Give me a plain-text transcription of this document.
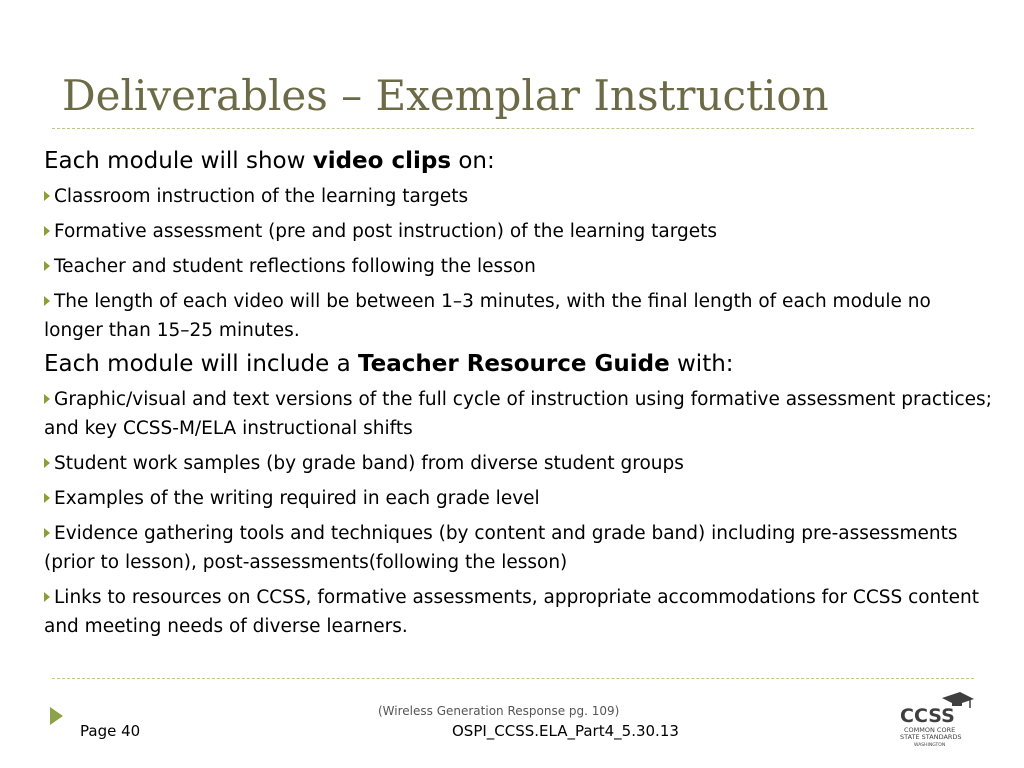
Deliverables – Exemplar Instruction

Each module will show video clips on:

Classroom instruction of the learning targets

Formative assessment (pre and post instruction) of the learning targets

Teacher and student reflections following the lesson

The length of each video will be between 1–3 minutes, with the final length of each module no longer than 15–25 minutes.

Each module will include a Teacher Resource Guide with:

Graphic/visual and text versions of the full cycle of instruction using formative assessment practices; and key CCSS-M/ELA instructional shifts

Student work samples (by grade band) from diverse student groups

Examples of the writing required in each grade level

Evidence gathering tools and techniques (by content and grade band) including pre-assessments (prior to lesson), post-assessments(following the lesson)

Links to resources on CCSS, formative assessments, appropriate accommodations for CCSS content and meeting needs of diverse learners.

(Wireless Generation Response pg. 109)
Page 40	OSPI_CCSS.ELA_Part4_5.30.13
CCSS
COMMON CORE
STATE STANDARDS
WASHINGTON
